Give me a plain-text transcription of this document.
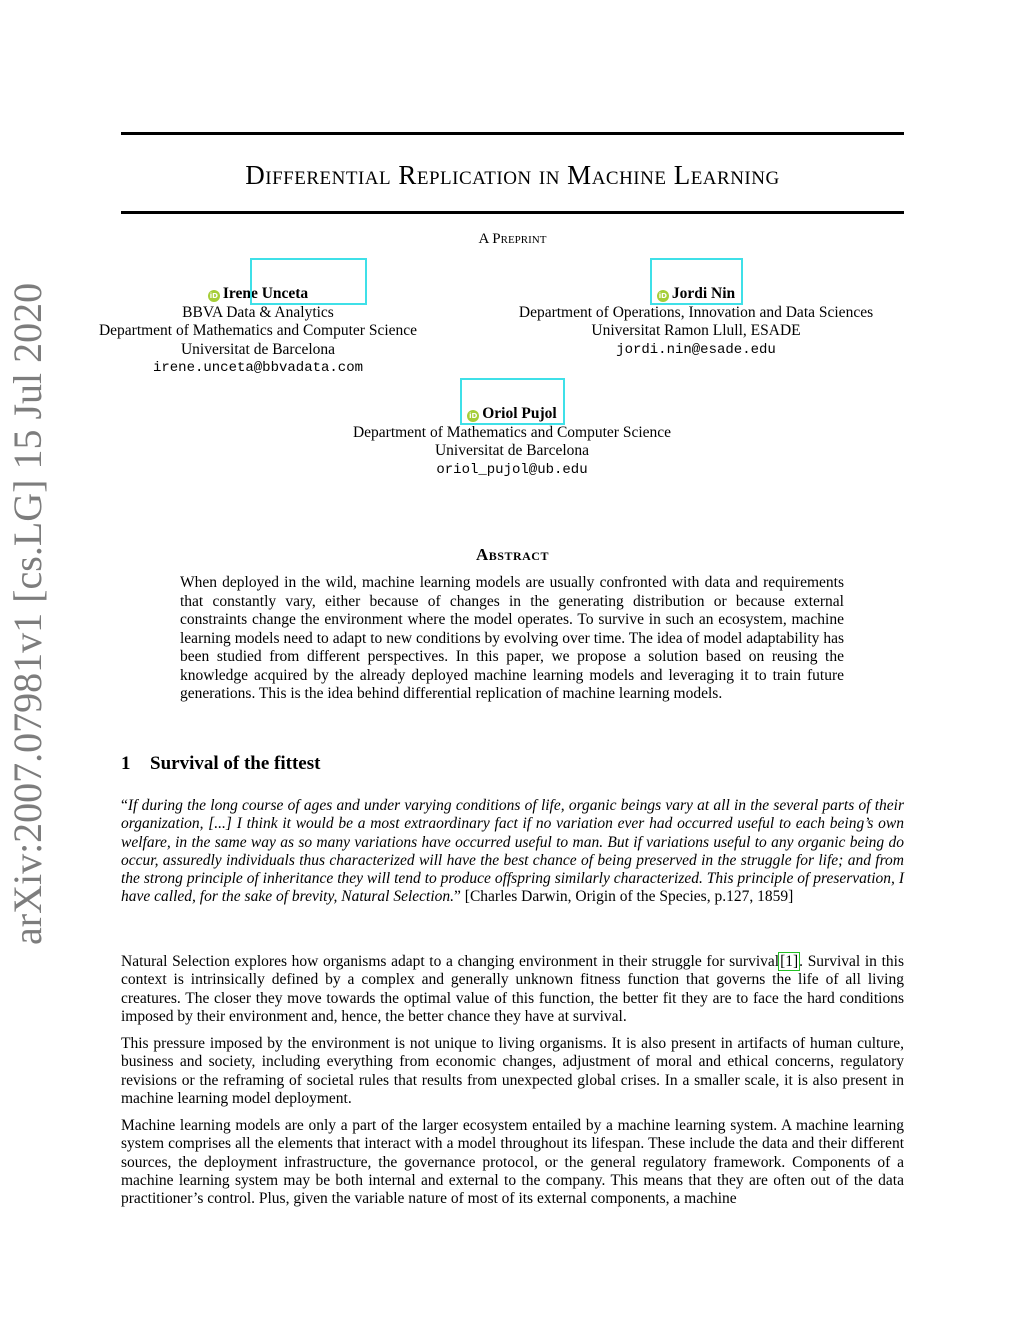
arXiv:2007.07981v1 [cs.LG] 15 Jul 2020
Differential Replication in Machine Learning
A Preprint
iD Irene Unceta
BBVA Data & Analytics
Department of Mathematics and Computer Science
Universitat de Barcelona
irene.unceta@bbvadata.com
iD Jordi Nin
Department of Operations, Innovation and Data Sciences
Universitat Ramon Llull, ESADE
jordi.nin@esade.edu
iD Oriol Pujol
Department of Mathematics and Computer Science
Universitat de Barcelona
oriol_pujol@ub.edu
Abstract
When deployed in the wild, machine learning models are usually confronted with data and requirements that constantly vary, either because of changes in the generating distribution or because external constraints change the environment where the model operates. To survive in such an ecosystem, machine learning models need to adapt to new conditions by evolving over time. The idea of model adaptability has been studied from different perspectives. In this paper, we propose a solution based on reusing the knowledge acquired by the already deployed machine learning models and leveraging it to train future generations. This is the idea behind differential replication of machine learning models.
1 Survival of the fittest
“If during the long course of ages and under varying conditions of life, organic beings vary at all in the several parts of their organization, [...] I think it would be a most extraordinary fact if no variation ever had occurred useful to each being’s own welfare, in the same way as so many variations have occurred useful to man. But if variations useful to any organic being do occur, assuredly individuals thus characterized will have the best chance of being preserved in the struggle for life; and from the strong principle of inheritance they will tend to produce offspring similarly characterized. This principle of preservation, I have called, for the sake of brevity, Natural Selection.” [Charles Darwin, Origin of the Species, p.127, 1859]
Natural Selection explores how organisms adapt to a changing environment in their struggle for survival[1]. Survival in this context is intrinsically defined by a complex and generally unknown fitness function that governs the life of all living creatures. The closer they move towards the optimal value of this function, the better fit they are to face the hard conditions imposed by their environment and, hence, the better chance they have at survival.
This pressure imposed by the environment is not unique to living organisms. It is also present in artifacts of human culture, business and society, including everything from economic changes, adjustment of moral and ethical concerns, regulatory revisions or the reframing of societal rules that results from unexpected global crises. In a smaller scale, it is also present in machine learning model deployment.
Machine learning models are only a part of the larger ecosystem entailed by a machine learning system. A machine learning system comprises all the elements that interact with a model throughout its lifespan. These include the data and their different sources, the deployment infrastructure, the governance protocol, or the general regulatory framework. Components of a machine learning system may be both internal and external to the company. This means that they are often out of the data practitioner’s control. Plus, given the variable nature of most of its external components, a machine
